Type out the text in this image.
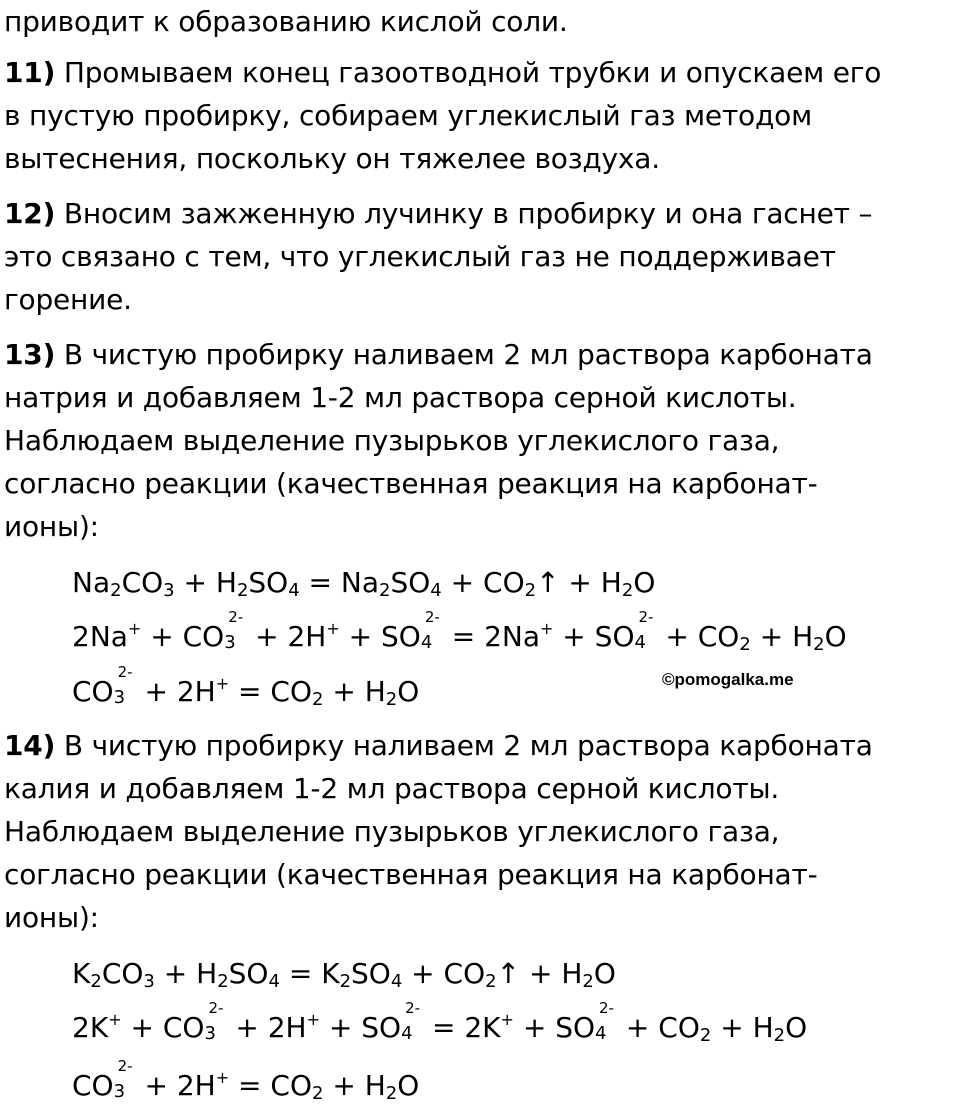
приводит к образованию кислой соли.
11) Промываем конец газоотводной трубки и опускаем его
в пустую пробирку, собираем углекислый газ методом
вытеснения, поскольку он тяжелее воздуха.
12) Вносим зажженную лучинку в пробирку и она гаснет –
это связано с тем, что углекислый газ не поддерживает
горение.
13) В чистую пробирку наливаем 2 мл раствора карбоната
натрия и добавляем 1-2 мл раствора серной кислоты.
Наблюдаем выделение пузырьков углекислого газа,
согласно реакции (качественная реакция на карбонат-
ионы):
$Na_2CO_3 + H_2SO_4 = Na_2SO_4$ + $CO_2↑ + H_2O$
2Na+ + CO 3
2-
+ 2H+ + SO 4
2-
= 2Na+ + SO 4
2-
+ $CO_2 + H_2O$
CO 3
2-
+ $2H^+ = CO_2 + H_2O$	©pomogalka.me
14) В чистую пробирку наливаем 2 мл раствора карбоната
калия и добавляем 1-2 мл раствора серной кислоты.
Наблюдаем выделение пузырьков углекислого газа,
согласно реакции (качественная реакция на карбонат-
ионы):
$K_2CO_3 + H_2SO_4 = K_2SO_4$ + $CO_2↑ + H_2O$
2K+ + CO 3
2-
+ 2H+ + SO 4
2-
= 2K+ + SO 4
2-
+ $CO_2 + H_2O$
CO 3
2-
+ $2H^+ = CO_2 + H_2O$
